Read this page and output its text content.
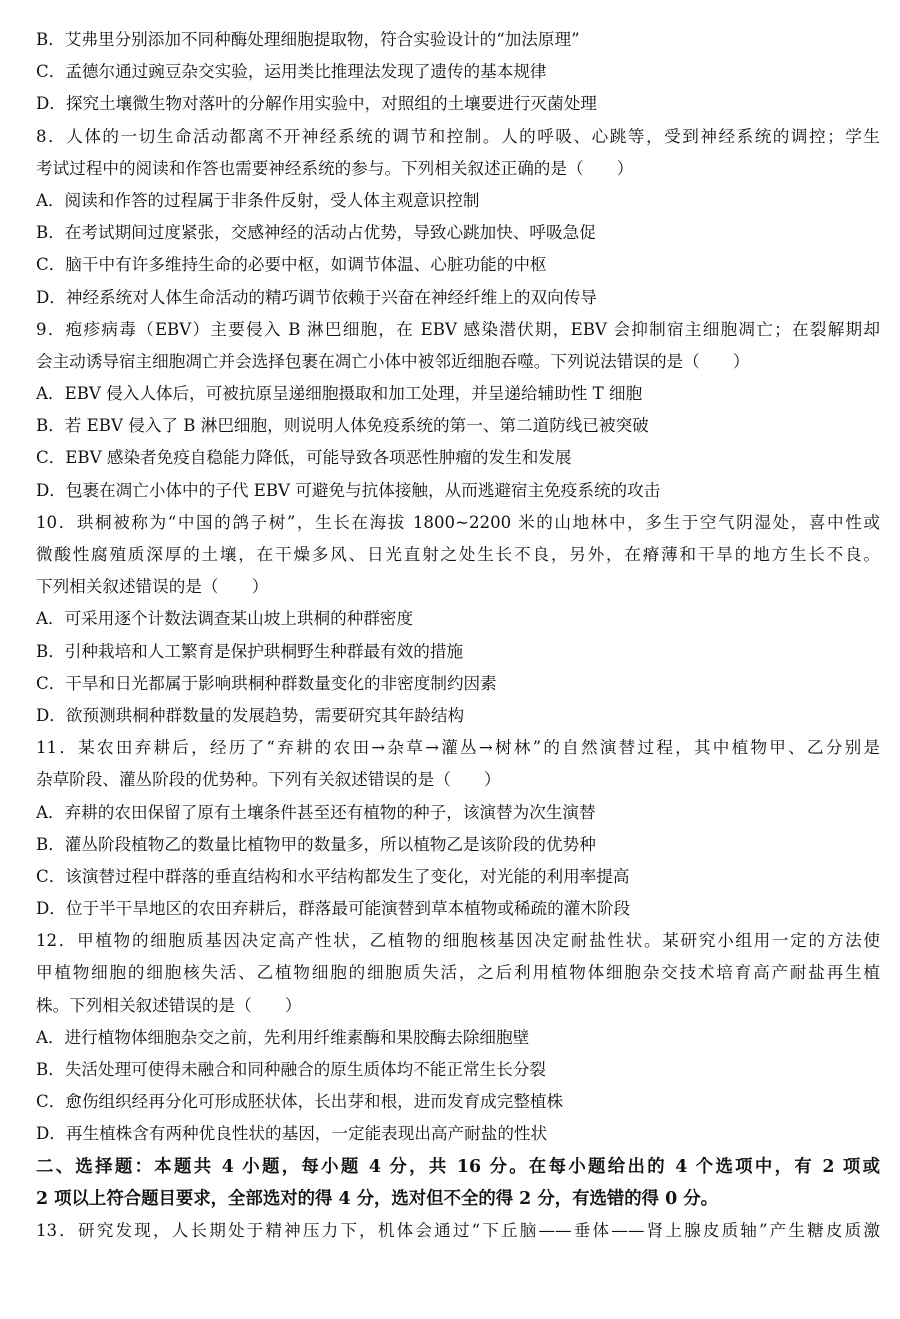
B．艾弗里分别添加不同种酶处理细胞提取物，符合实验设计的“加法原理”
C．孟德尔通过豌豆杂交实验，运用类比推理法发现了遗传的基本规律
D．探究土壤微生物对落叶的分解作用实验中，对照组的土壤要进行灭菌处理
8．人体的一切生命活动都离不开神经系统的调节和控制。人的呼吸、心跳等，受到神经系统的调控；学生
考试过程中的阅读和作答也需要神经系统的参与。下列相关叙述正确的是（　　）
A．阅读和作答的过程属于非条件反射，受人体主观意识控制
B．在考试期间过度紧张，交感神经的活动占优势，导致心跳加快、呼吸急促
C．脑干中有许多维持生命的必要中枢，如调节体温、心脏功能的中枢
D．神经系统对人体生命活动的精巧调节依赖于兴奋在神经纤维上的双向传导
9．疱疹病毒（EBV）主要侵入 B 淋巴细胞，在 EBV 感染潜伏期，EBV 会抑制宿主细胞凋亡；在裂解期却
会主动诱导宿主细胞凋亡并会选择包裹在凋亡小体中被邻近细胞吞噬。下列说法错误的是（　　）
A．EBV 侵入人体后，可被抗原呈递细胞摄取和加工处理，并呈递给辅助性 T 细胞
B．若 EBV 侵入了 B 淋巴细胞，则说明人体免疫系统的第一、第二道防线已被突破
C．EBV 感染者免疫自稳能力降低，可能导致各项恶性肿瘤的发生和发展
D．包裹在凋亡小体中的子代 EBV 可避免与抗体接触，从而逃避宿主免疫系统的攻击
10．珙桐被称为“中国的鸽子树”，生长在海拔 1800~2200 米的山地林中，多生于空气阴湿处，喜中性或
微酸性腐殖质深厚的土壤，在干燥多风、日光直射之处生长不良，另外，在瘠薄和干旱的地方生长不良。
下列相关叙述错误的是（　　）
A．可采用逐个计数法调查某山坡上珙桐的种群密度
B．引种栽培和人工繁育是保护珙桐野生种群最有效的措施
C．干旱和日光都属于影响珙桐种群数量变化的非密度制约因素
D．欲预测珙桐种群数量的发展趋势，需要研究其年龄结构
11．某农田弃耕后，经历了“弃耕的农田→杂草→灌丛→树林”的自然演替过程，其中植物甲、乙分别是
杂草阶段、灌丛阶段的优势种。下列有关叙述错误的是（　　）
A．弃耕的农田保留了原有土壤条件甚至还有植物的种子，该演替为次生演替
B．灌丛阶段植物乙的数量比植物甲的数量多，所以植物乙是该阶段的优势种
C．该演替过程中群落的垂直结构和水平结构都发生了变化，对光能的利用率提高
D．位于半干旱地区的农田弃耕后，群落最可能演替到草本植物或稀疏的灌木阶段
12．甲植物的细胞质基因决定高产性状，乙植物的细胞核基因决定耐盐性状。某研究小组用一定的方法使
甲植物细胞的细胞核失活、乙植物细胞的细胞质失活，之后利用植物体细胞杂交技术培育高产耐盐再生植
株。下列相关叙述错误的是（　　）
A．进行植物体细胞杂交之前，先利用纤维素酶和果胶酶去除细胞壁
B．失活处理可使得未融合和同种融合的原生质体均不能正常生长分裂
C．愈伤组织经再分化可形成胚状体，长出芽和根，进而发育成完整植株
D．再生植株含有两种优良性状的基因，一定能表现出高产耐盐的性状
二、选择题：本题共 4 小题，每小题 4 分，共 16 分。在每小题给出的 4 个选项中，有 2 项或
2 项以上符合题目要求，全部选对的得 4 分，选对但不全的得 2 分，有选错的得 0 分。
13．研究发现，人长期处于精神压力下，机体会通过“下丘脑——垂体——肾上腺皮质轴”产生糖皮质激
